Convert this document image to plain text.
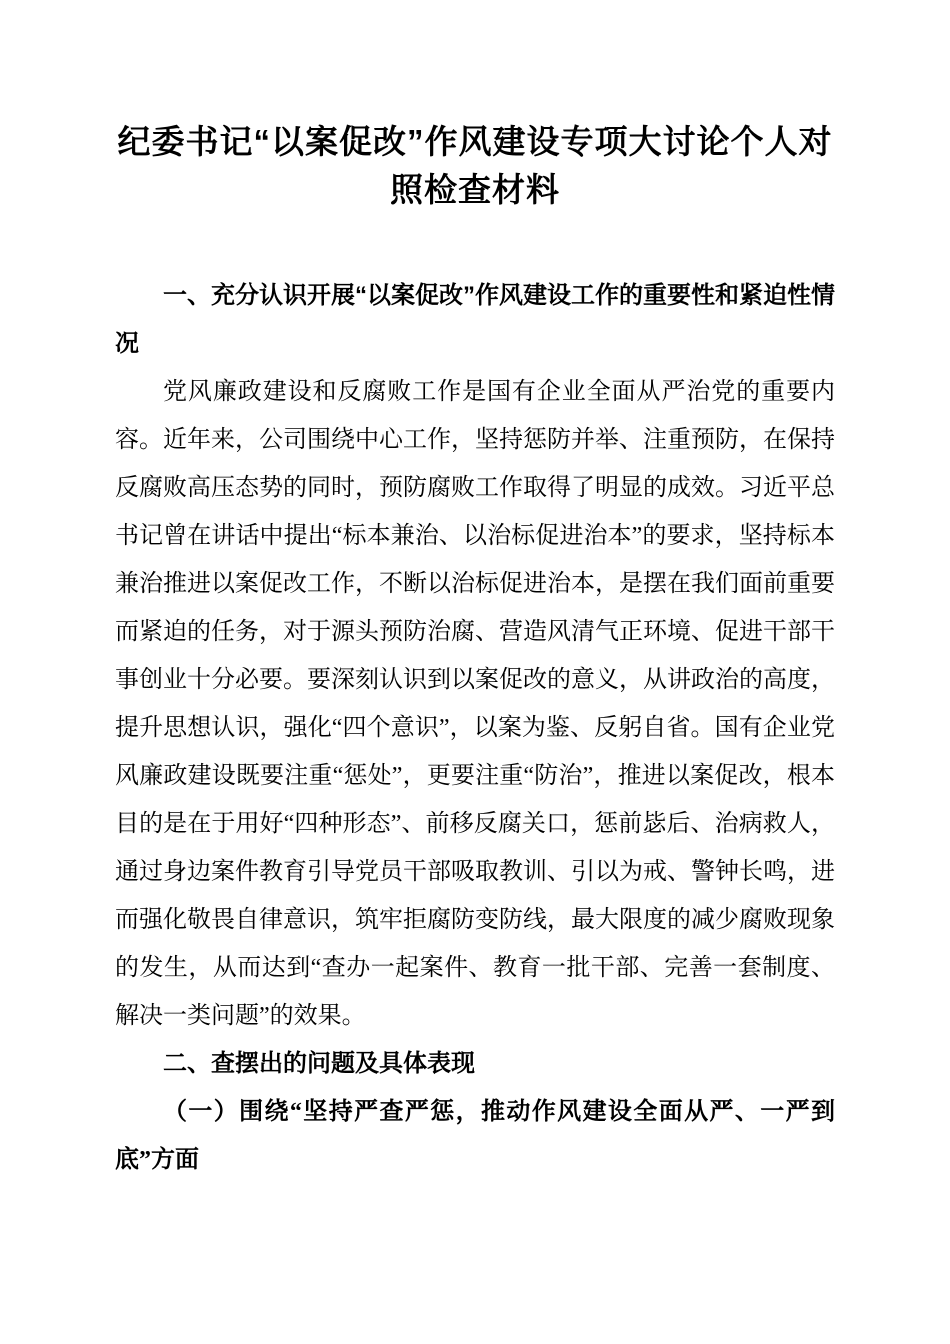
纪委书记“以案促改”作风建设专项大讨论个人对照检查材料

一、充分认识开展“以案促改”作风建设工作的重要性和紧迫性情况

党风廉政建设和反腐败工作是国有企业全面从严治党的重要内容。近年来，公司围绕中心工作，坚持惩防并举、注重预防，在保持反腐败高压态势的同时，预防腐败工作取得了明显的成效。习近平总书记曾在讲话中提出“标本兼治、以治标促进治本”的要求，坚持标本兼治推进以案促改工作，不断以治标促进治本，是摆在我们面前重要而紧迫的任务，对于源头预防治腐、营造风清气正环境、促进干部干事创业十分必要。要深刻认识到以案促改的意义，从讲政治的高度，提升思想认识，强化“四个意识”，以案为鉴、反躬自省。国有企业党风廉政建设既要注重“惩处”，更要注重“防治”，推进以案促改，根本目的是在于用好“四种形态”、前移反腐关口，惩前毖后、治病救人，通过身边案件教育引导党员干部吸取教训、引以为戒、警钟长鸣，进而强化敬畏自律意识，筑牢拒腐防变防线，最大限度的减少腐败现象的发生，从而达到“查办一起案件、教育一批干部、完善一套制度、解决一类问题”的效果。

二、查摆出的问题及具体表现

（一）围绕“坚持严查严惩，推动作风建设全面从严、一严到底”方面
